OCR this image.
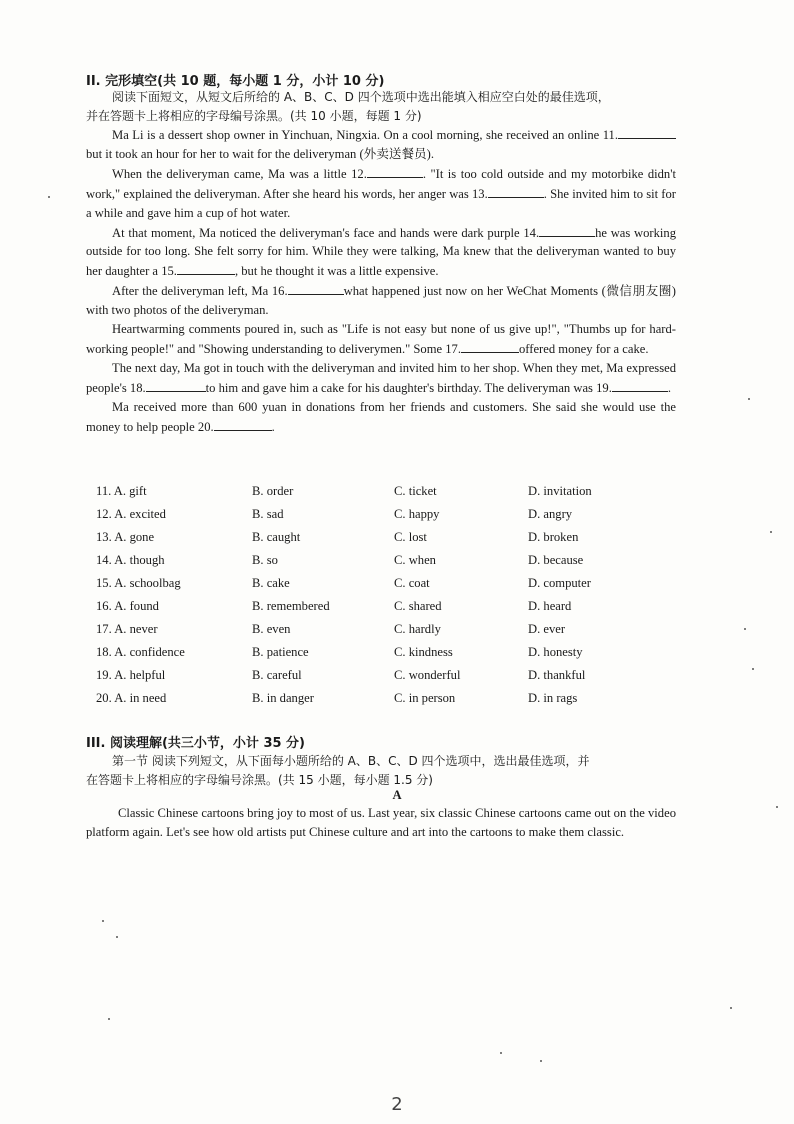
II. 完形填空(共 10 题，每小题 1 分，小计 10 分)
阅读下面短文，从短文后所给的 A、B、C、D 四个选项中选出能填入相应空白处的最佳选项，
并在答题卡上将相应的字母编号涂黑。(共 10 小题，每题 1 分)

Ma Li is a dessert shop owner in Yinchuan, Ningxia. On a cool morning, she received an online 11.but it took an hour for her to wait for the deliveryman (外卖送餐员).

When the deliveryman came, Ma was a little 12.	. "It is too cold outside and my motorbike didn't work," explained the deliveryman. After she heard his words, her anger was 13.	. She invited him to sit for a while and gave him a cup of hot water.

At that moment, Ma noticed the deliveryman's face and hands were dark purple 14.	he was working outside for too long. She felt sorry for him. While they were talking, Ma knew that the deliveryman wanted to buy her daughter a 15.	, but he thought it was a little expensive.

After the deliveryman left, Ma 16.	what happened just now on her WeChat Moments (微信朋友圈) with two photos of the deliveryman.

Heartwarming comments poured in, such as "Life is not easy but none of us give up!", "Thumbs up for hard-working people!" and "Showing understanding to deliverymen." Some 17.	offered money for a cake.

The next day, Ma got in touch with the deliveryman and invited him to her shop. When they met, Ma expressed people's 18.	to him and gave him a cake for his daughter's birthday. The deliveryman was 19.	.

Ma received more than 600 yuan in donations from her friends and customers. She said she would use the money to help people 20.	.

11. A. gift	B. order	C. ticket	D. invitation
12. A. excited	B. sad	C. happy	D. angry
13. A. gone	B. caught	C. lost	D. broken
14. A. though	B. so	C. when	D. because
15. A. schoolbag	B. cake	C. coat	D. computer
16. A. found	B. remembered	C. shared	D. heard
17. A. never	B. even	C. hardly	D. ever
18. A. confidence	B. patience	C. kindness	D. honesty
19. A. helpful	B. careful	C. wonderful	D. thankful
20. A. in need	B. in danger	C. in person	D. in rags
III. 阅读理解(共三小节，小计 35 分)
第一节 阅读下列短文，从下面每小题所给的 A、B、C、D 四个选项中，选出最佳选项，并
在答题卡上将相应的字母编号涂黑。(共 15 小题，每小题 1.5 分)
A

Classic Chinese cartoons bring joy to most of us. Last year, six classic Chinese cartoons came out on the video platform again. Let's see how old artists put Chinese culture and art into the cartoons to make them classic.

2
